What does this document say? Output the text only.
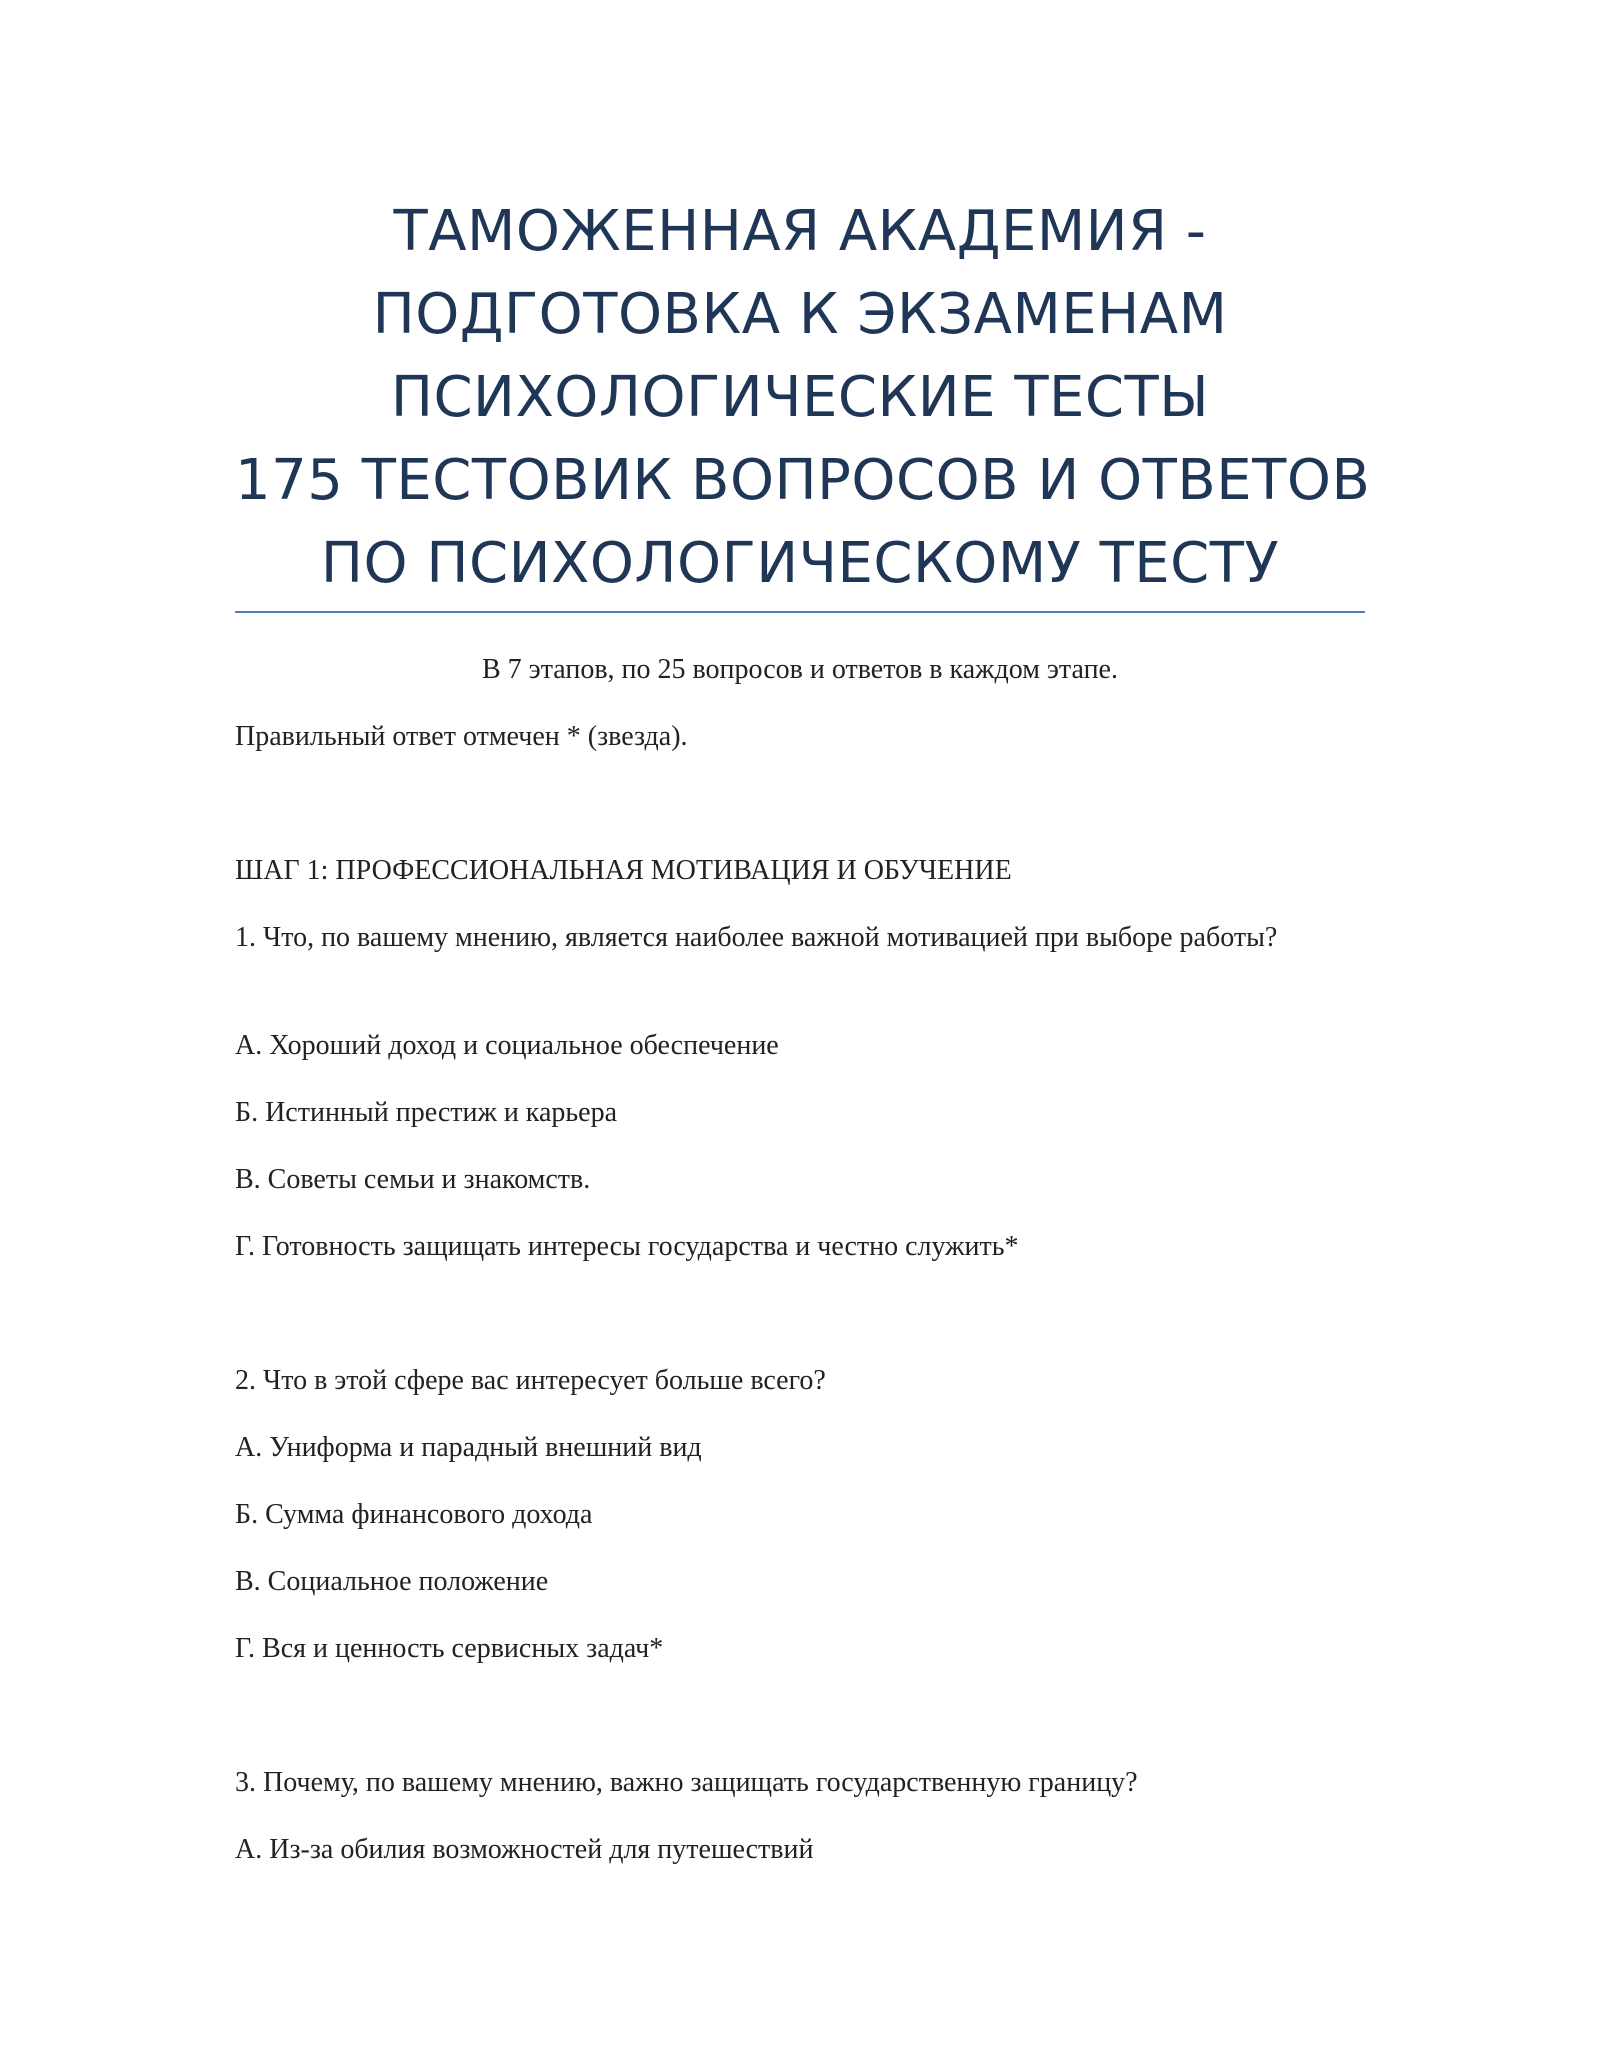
ТАМОЖЕННАЯ АКАДЕМИЯ -
ПОДГОТОВКА К ЭКЗАМЕНАМ
ПСИХОЛОГИЧЕСКИЕ ТЕСТЫ
175 ТЕСТОВИК ВОПРОСОВ И ОТВЕТОВ
ПО ПСИХОЛОГИЧЕСКОМУ ТЕСТУ
В 7 этапов, по 25 вопросов и ответов в каждом этапе.
Правильный ответ отмечен * (звезда).
ШАГ 1: ПРОФЕССИОНАЛЬНАЯ МОТИВАЦИЯ И ОБУЧЕНИЕ
1. Что, по вашему мнению, является наиболее важной мотивацией при выборе работы?
А. Хороший доход и социальное обеспечение
Б. Истинный престиж и карьера
В. Советы семьи и знакомств.
Г. Готовность защищать интересы государства и честно служить*
2. Что в этой сфере вас интересует больше всего?
А. Униформа и парадный внешний вид
Б. Сумма финансового дохода
В. Социальное положение
Г. Вся и ценность сервисных задач*
3. Почему, по вашему мнению, важно защищать государственную границу?
А. Из-за обилия возможностей для путешествий
